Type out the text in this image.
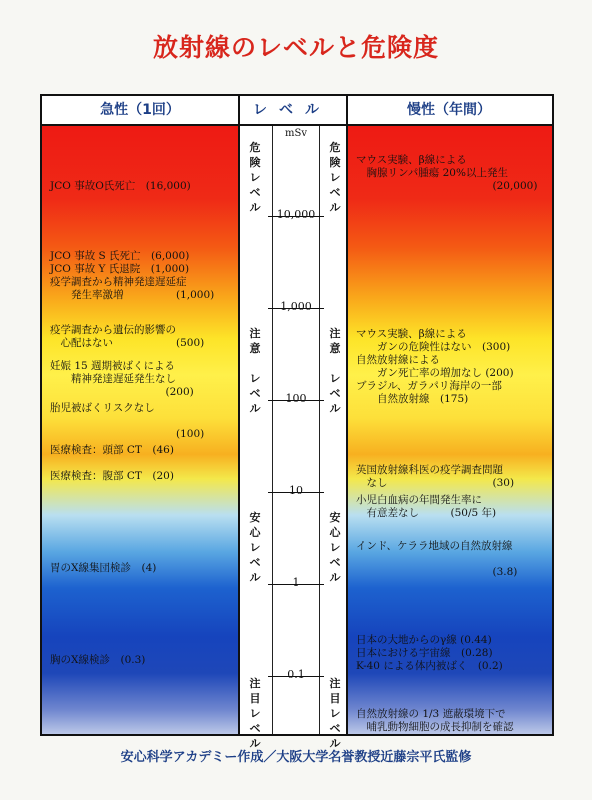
放射線のレベルと危険度
急性（1回）	レベル	慢性（年間）
mSv
10,000
1,000
100
10
1
0.1
危
険
レ
ベ
ル
危
険
レ
ベ
ル
注
意

レ
ベ
ル
注
意

レ
ベ
ル
安
心
レ
ベ
ル
安
心
レ
ベ
ル
注
目
レ
ベ
ル
注
目
レ
ベ
ル
JCO 事故O氏死亡　(16,000)
JCO 事故 S 氏死亡　(6,000)
JCO 事故 Y 氏退院　(1,000)
疫学調査から精神発達遅延症
　　発生率激増　　　　　(1,000)
疫学調査から遺伝的影響の
　心配はない　　　　　　(500)
妊娠 15 週期被ばくによる
　　精神発達遅延発生なし
　　　　　　　　　　　(200)
胎児被ばくリスクなし

　　　　　　　　　　　　(100)
医療検査：頭部 CT　(46)
医療検査：腹部 CT　(20)
胃のX線集団検診　(4)
胸のX線検診　(0.3)
マウス実験、β線による
　胸腺リンパ腫瘍 20%以上発生
　　　　　　　　　　　　　(20,000)
マウス実験、β線による
　　ガンの危険性はない　(300)
自然放射線による
　　ガン死亡率の増加なし (200)
ブラジル、ガラパリ海岸の一部
　　自然放射線　(175)
英国放射線科医の疫学調査問題
　なし　　　　　　　　　　(30)
小児白血病の年間発生率に
　有意差なし　　　(50/5 年)
インド、ケララ地域の自然放射線

　　　　　　　　　　　　　(3.8)
日本の大地からのγ線 (0.44)
日本における宇宙線　(0.28)
K-40 による体内被ばく　(0.2)
自然放射線の 1/3 遮蔽環境下で
　哺乳動物細胞の成長抑制を確認
安心科学アカデミー作成／大阪大学名誉教授近藤宗平氏監修
